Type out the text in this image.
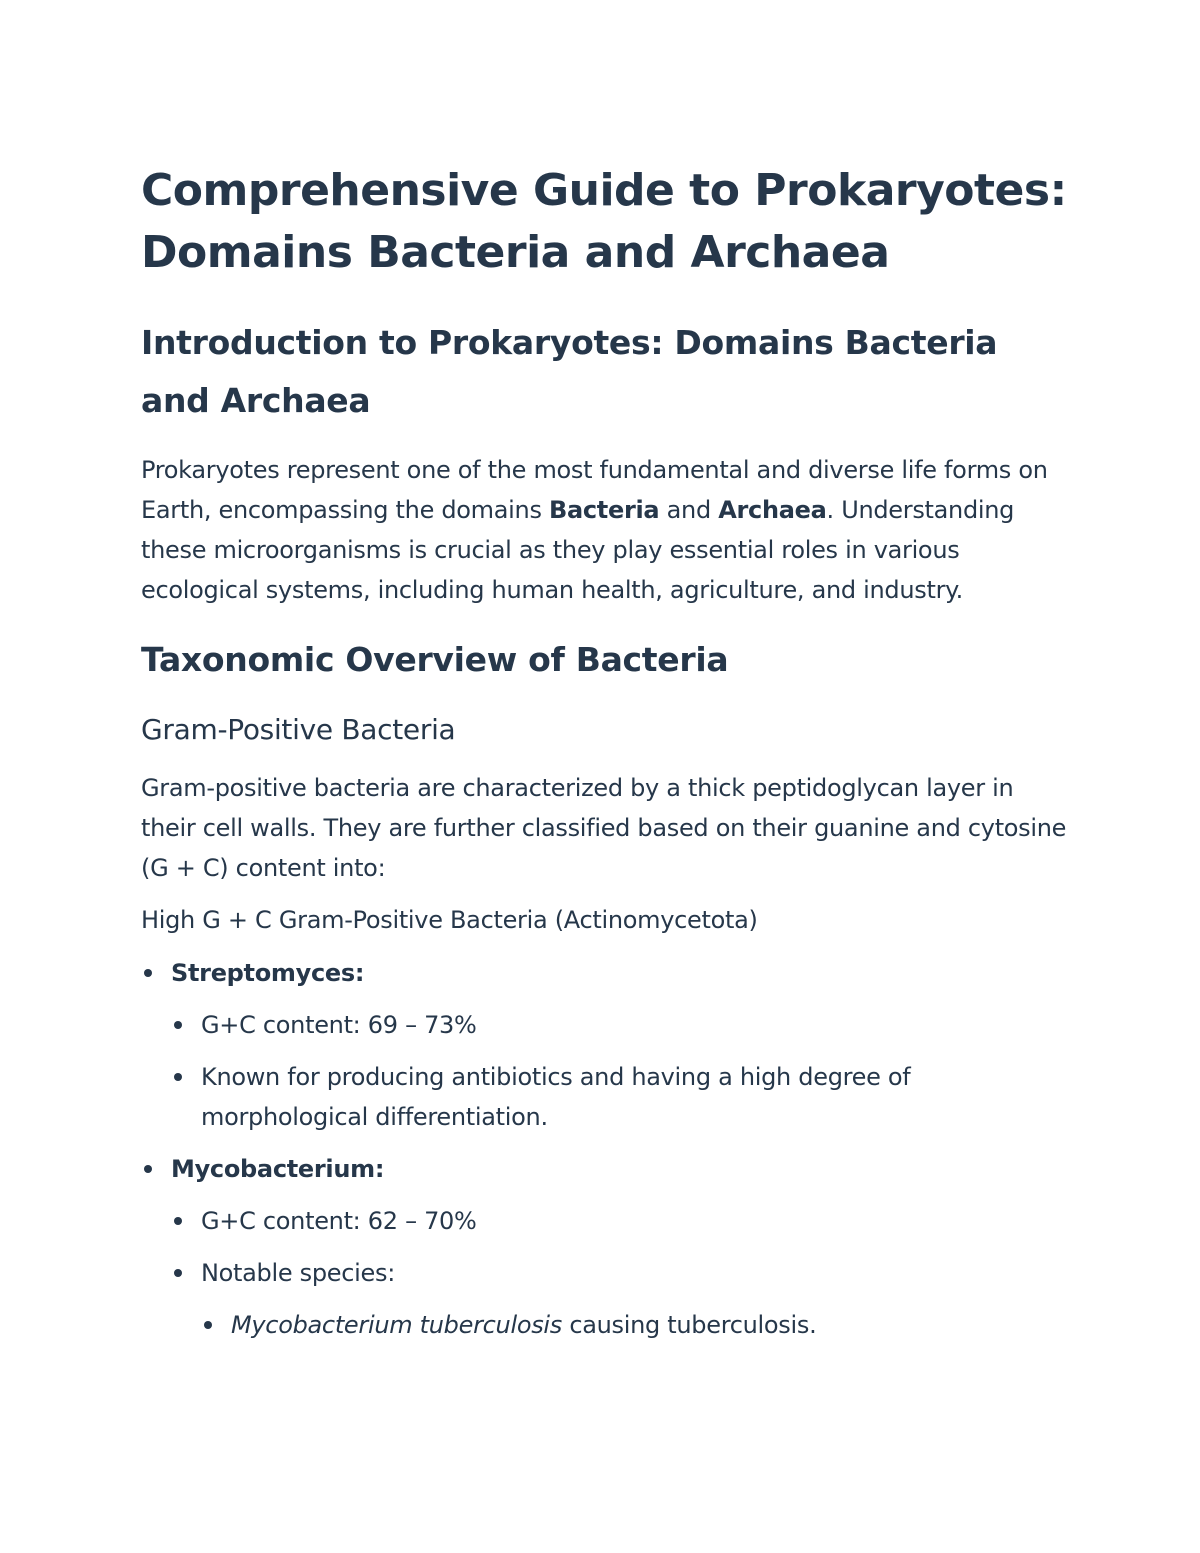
Comprehensive Guide to Prokaryotes: Domains Bacteria and Archaea
Introduction to Prokaryotes: Domains Bacteria and Archaea

Prokaryotes represent one of the most fundamental and diverse life forms on Earth, encompassing the domains Bacteria and Archaea. Understanding these microorganisms is crucial as they play essential roles in various ecological systems, including human health, agriculture, and industry.

Taxonomic Overview of Bacteria
Gram-Positive Bacteria

Gram-positive bacteria are characterized by a thick peptidoglycan layer in their cell walls. They are further classified based on their guanine and cytosine (G + C) content into:

High G + C Gram-Positive Bacteria (Actinomycetota)
Streptomyces:
G+C content: 69 – 73%
Known for producing antibiotics and having a high degree of morphological differentiation.
Mycobacterium:
G+C content: 62 – 70%
Notable species:
Mycobacterium tuberculosis causing tuberculosis.
